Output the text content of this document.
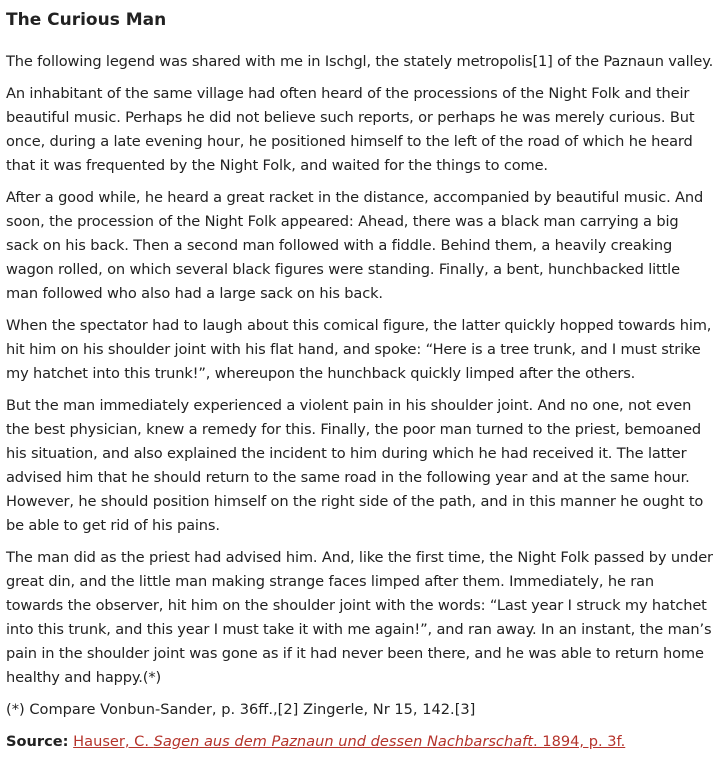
The Curious Man

The following legend was shared with me in Ischgl, the stately metropolis[1] of the Paznaun valley.

An inhabitant of the same village had often heard of the processions of the Night Folk and their beautiful music. Perhaps he did not believe such reports, or perhaps he was merely curious. But once, during a late evening hour, he positioned himself to the left of the road of which he heard that it was frequented by the Night Folk, and waited for the things to come.

After a good while, he heard a great racket in the distance, accompanied by beautiful music. And soon, the procession of the Night Folk appeared: Ahead, there was a black man carrying a big sack on his back. Then a second man followed with a fiddle. Behind them, a heavily creaking wagon rolled, on which several black figures were standing. Finally, a bent, hunchbacked little man followed who also had a large sack on his back.

When the spectator had to laugh about this comical figure, the latter quickly hopped towards him, hit him on his shoulder joint with his flat hand, and spoke: “Here is a tree trunk, and I must strike my hatchet into this trunk!”, whereupon the hunchback quickly limped after the others.

But the man immediately experienced a violent pain in his shoulder joint. And no one, not even the best physician, knew a remedy for this. Finally, the poor man turned to the priest, bemoaned his situation, and also explained the incident to him during which he had received it. The latter advised him that he should return to the same road in the following year and at the same hour. However, he should position himself on the right side of the path, and in this manner he ought to be able to get rid of his pains.

The man did as the priest had advised him. And, like the first time, the Night Folk passed by under great din, and the little man making strange faces limped after them. Immediately, he ran towards the observer, hit him on the shoulder joint with the words: “Last year I struck my hatchet into this trunk, and this year I must take it with me again!”, and ran away. In an instant, the man’s pain in the shoulder joint was gone as if it had never been there, and he was able to return home healthy and happy.(*)

(*) Compare Vonbun-Sander, p. 36ff.,[2] Zingerle, Nr 15, 142.[3]

Source: Hauser, C. Sagen aus dem Paznaun und dessen Nachbarschaft. 1894, p. 3f.
